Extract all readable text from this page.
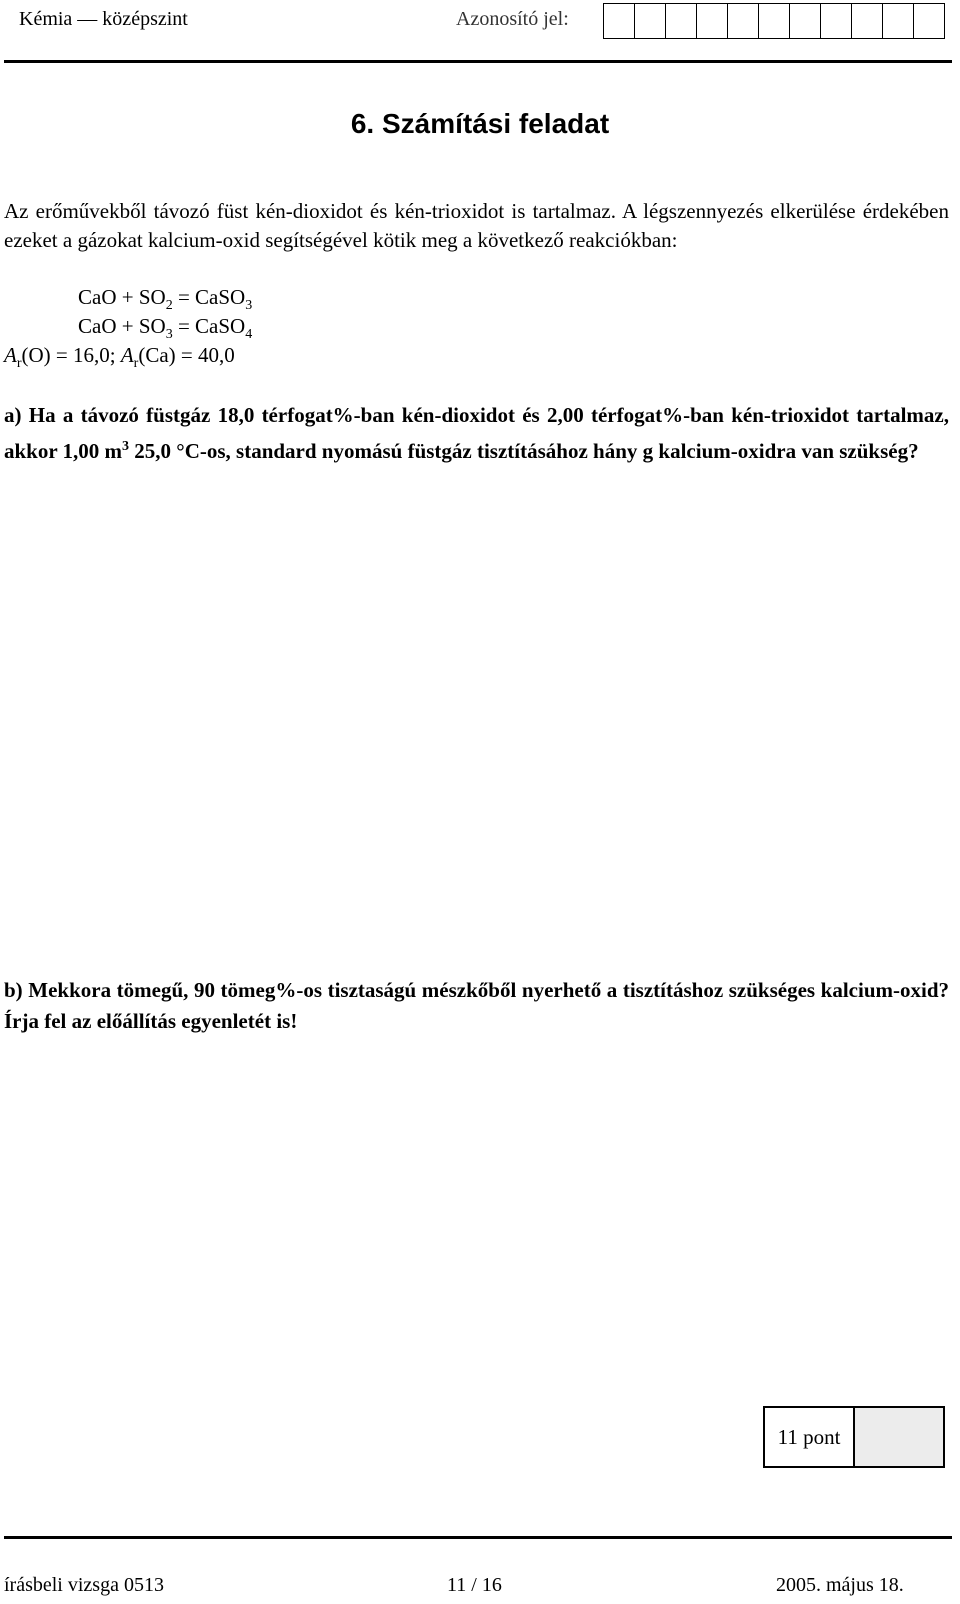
Kémia — középszint	Azonosító jel:
6. Számítási feladat
Az erőművekből távozó füst kén-dioxidot és kén-trioxidot is tartalmaz. A légszennyezés elkerülése érdekében ezeket a gázokat kalcium-oxid segítségével kötik meg a következő reakciókban:
CaO + $SO_2$ = CaSO$_3$
CaO + $SO_3$ = CaSO$_4$
$A_r(O) = 16,0$; $A_r(Ca) = 40,0$
a) Ha a távozó füstgáz 18,0 térfogat%-ban kén-dioxidot és 2,00 térfogat%-ban kén-trioxidot tartalmaz, akkor 1,00 $m^3$ 25,0 °C-os, standard nyomású füstgáz tisztításához hány g kalcium-oxidra van szükség?
b) Mekkora tömegű, 90 tömeg%-os tisztaságú mészkőből nyerhető a tisztításhoz szükséges kalcium-oxid? Írja fel az előállítás egyenletét is!
11 pont
írásbeli vizsga 0513	11 / 16	2005. május 18.
